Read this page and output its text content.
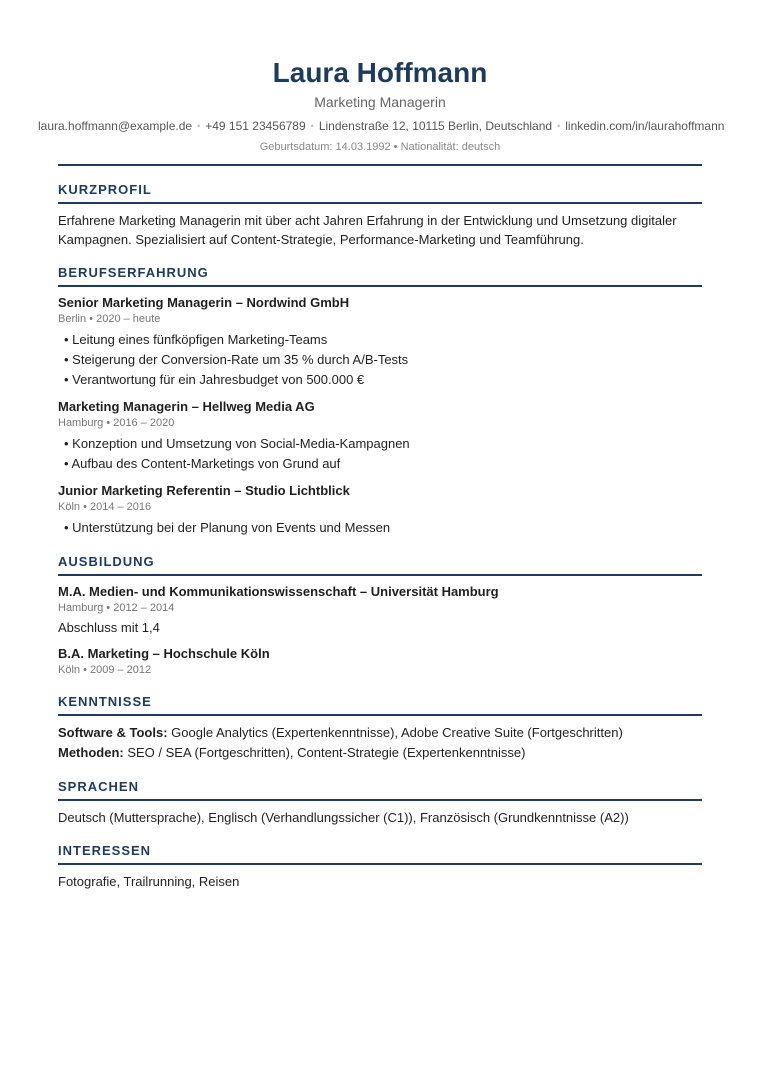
Laura Hoffmann
Marketing Managerin
laura.hoffmann@example.de • +49 151 23456789 • Lindenstraße 12, 10115 Berlin, Deutschland • linkedin.com/in/laurahoffmann
Geburtsdatum: 14.03.1992 • Nationalität: deutsch
KURZPROFIL

Erfahrene Marketing Managerin mit über acht Jahren Erfahrung in der Entwicklung und Umsetzung digitaler Kampagnen. Spezialisiert auf Content-Strategie, Performance-Marketing und Teamführung.

BERUFSERFAHRUNG
Senior Marketing Managerin – Nordwind GmbH
Berlin • 2020 – heute
• Leitung eines fünfköpfigen Marketing-Teams
• Steigerung der Conversion-Rate um 35 % durch A/B-Tests
• Verantwortung für ein Jahresbudget von 500.000 €
Marketing Managerin – Hellweg Media AG
Hamburg • 2016 – 2020
• Konzeption und Umsetzung von Social-Media-Kampagnen
• Aufbau des Content-Marketings von Grund auf
Junior Marketing Referentin – Studio Lichtblick
Köln • 2014 – 2016
• Unterstützung bei der Planung von Events und Messen
AUSBILDUNG
M.A. Medien- und Kommunikationswissenschaft – Universität Hamburg
Hamburg • 2012 – 2014
Abschluss mit 1,4
B.A. Marketing – Hochschule Köln
Köln • 2009 – 2012
KENNTNISSE
Software & Tools: Google Analytics (Expertenkenntnisse), Adobe Creative Suite (Fortgeschritten)
Methoden: SEO / SEA (Fortgeschritten), Content-Strategie (Expertenkenntnisse)
SPRACHEN

Deutsch (Muttersprache), Englisch (Verhandlungssicher (C1)), Französisch (Grundkenntnisse (A2))

INTERESSEN

Fotografie, Trailrunning, Reisen
